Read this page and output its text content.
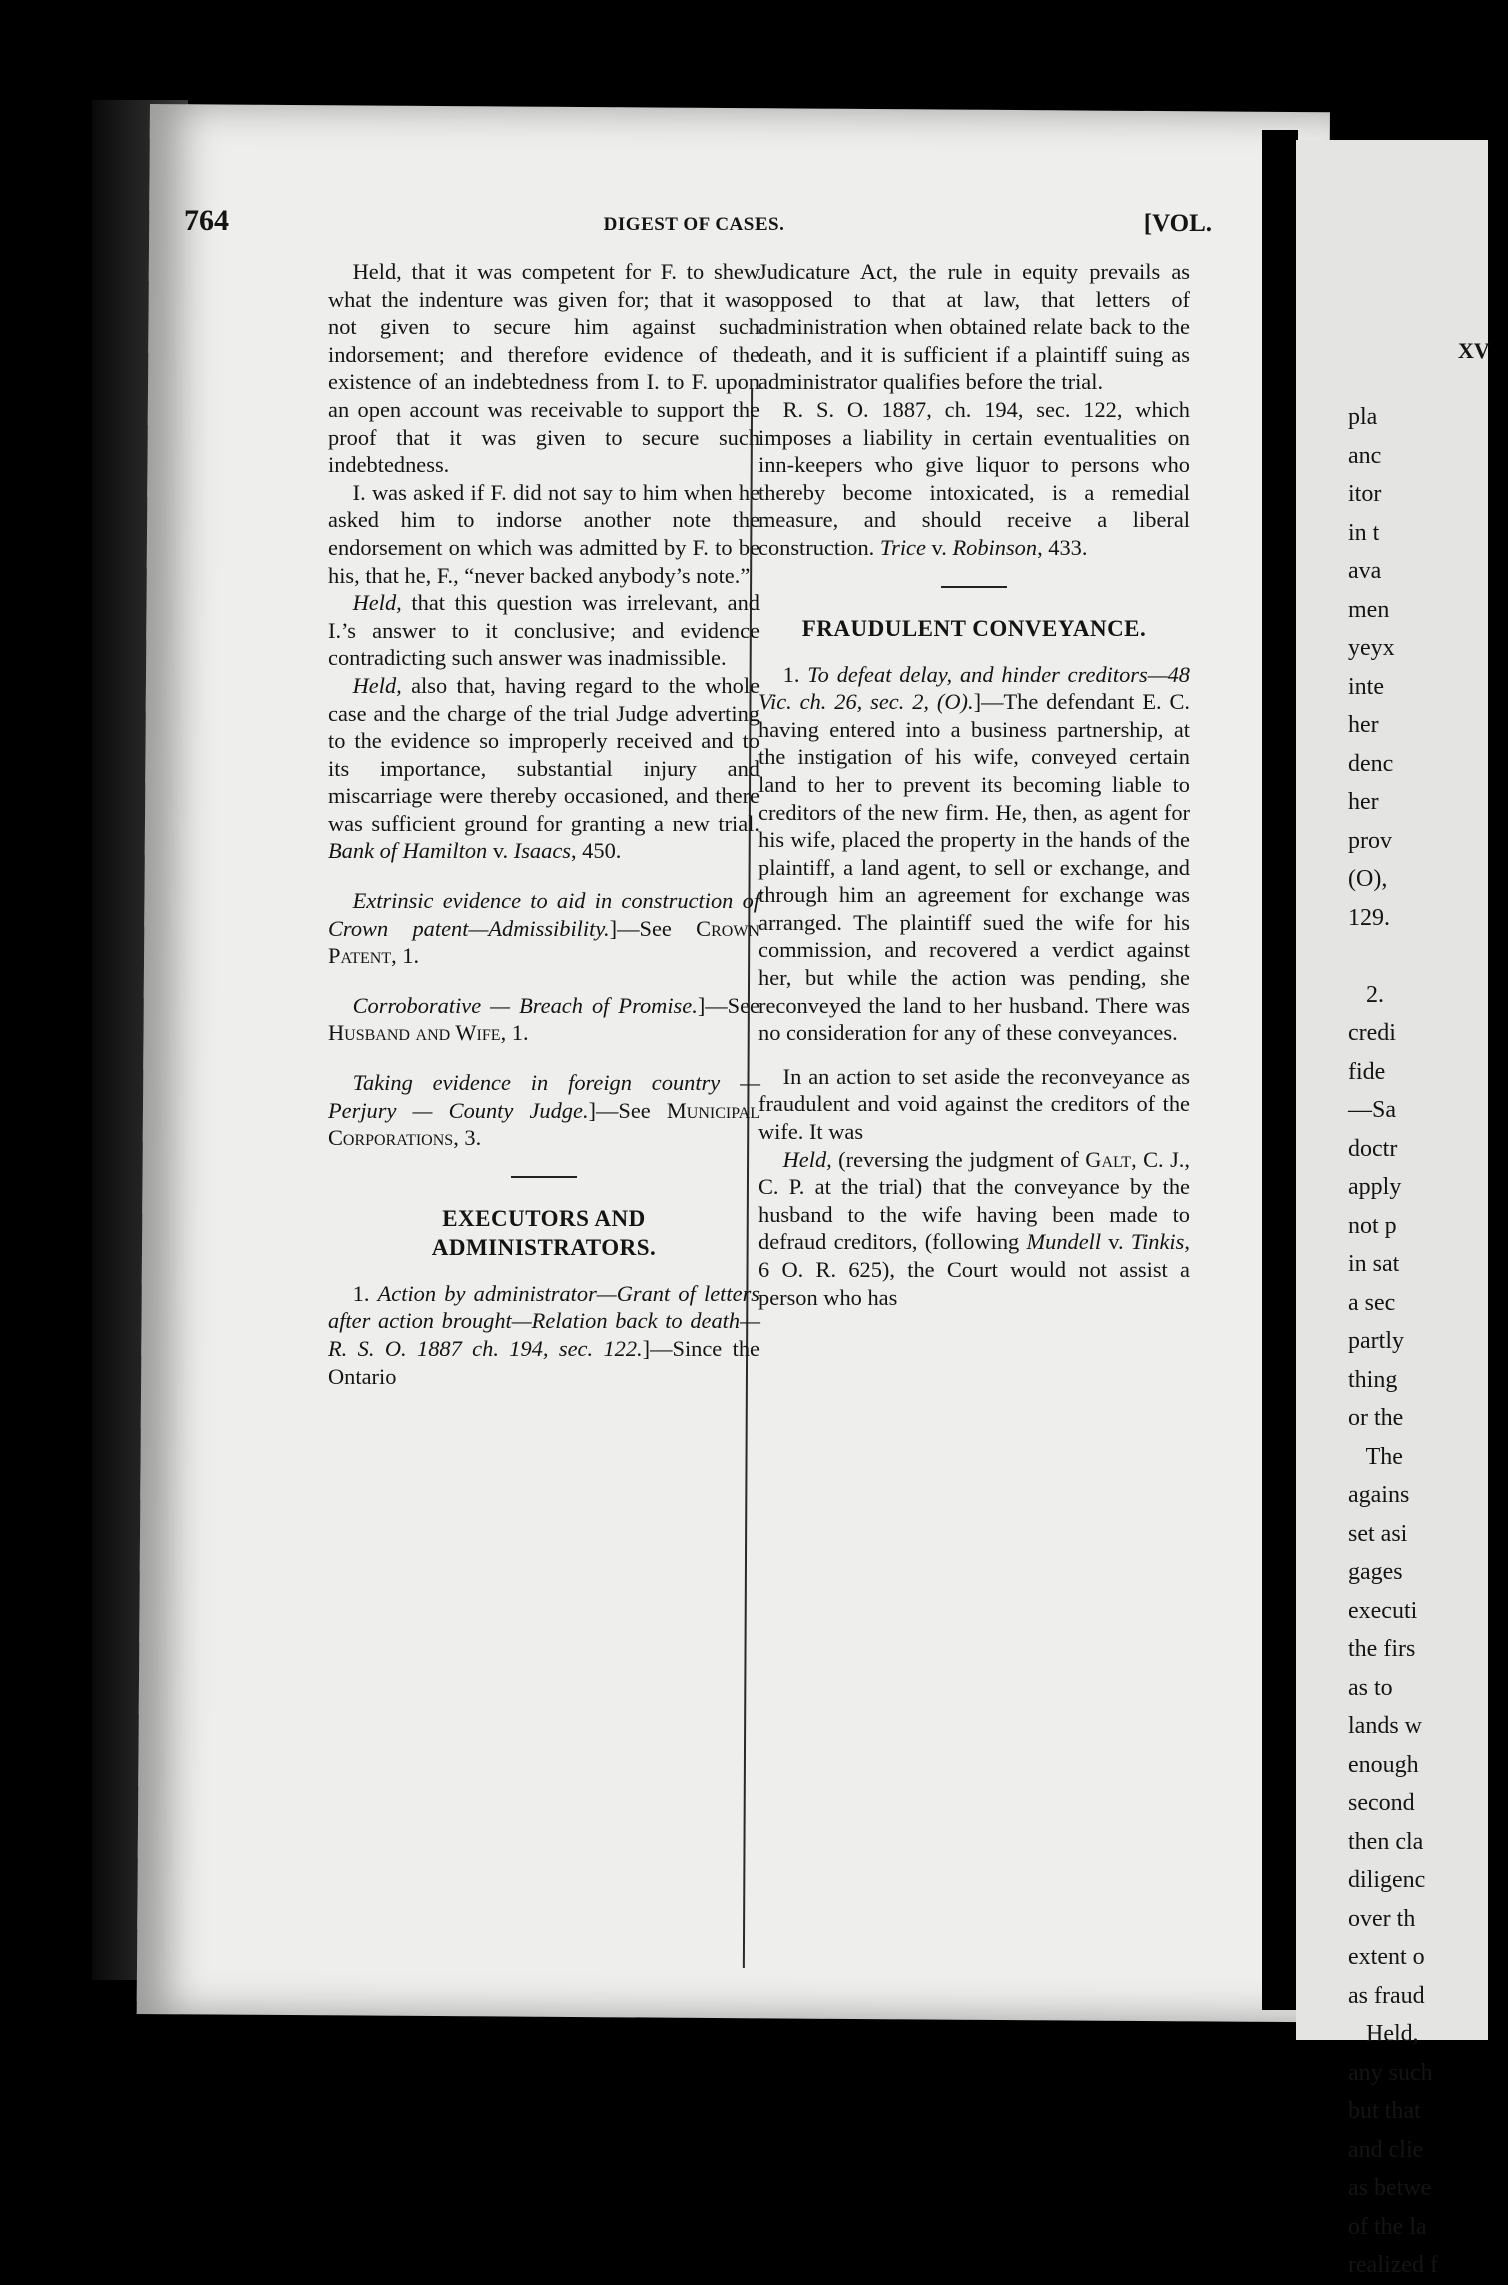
XV
pla
anc
itor
in t
ava
men
yeyx
inte
her
denc
her
prov
(O),
129.

2.
credi
fide
—Sa
doctr
apply
not p
in sat
a sec
partly
thing
or the
The
agains
set asi
gages
executi
the firs
as to
lands w
enough
second
then cla
diligenc
over th
extent o
as fraud
Held,
any such
but that
and clie
as betwe
of the la
realized f
764	DIGEST OF CASES.	[VOL.

Held, that it was competent for F. to shew what the indenture was given for; that it was not given to secure him against such indorsement; and therefore evidence of the existence of an indebtedness from I. to F. upon an open account was receivable to support the proof that it was given to secure such indebtedness.

I. was asked if F. did not say to him when he asked him to indorse another note the endorsement on which was admitted by F. to be his, that he, F., “never backed anybody’s note.”

Held, that this question was irrelevant, and I.’s answer to it conclusive; and evidence contradicting such answer was inadmissible.

Held, also that, having regard to the whole case and the charge of the trial Judge adverting to the evidence so improperly received and to its importance, substantial injury and miscarriage were thereby occasioned, and there was sufficient ground for granting a new trial. Bank of Hamilton v. Isaacs, 450.

Extrinsic evidence to aid in construction of Crown patent—Admissibility.]—See Crown Patent, 1.

Corroborative — Breach of Promise.]—See Husband and Wife, 1.

Taking evidence in foreign country — Perjury — County Judge.]—See Municipal Corporations, 3.

EXECUTORS AND ADMINISTRATORS.

1. Action by administrator—Grant of letters after action brought—Relation back to death—R. S. O. 1887 ch. 194, sec. 122.]—Since the Ontario

Judicature Act, the rule in equity prevails as opposed to that at law, that letters of administration when obtained relate back to the death, and it is sufficient if a plaintiff suing as administrator qualifies before the trial.

R. S. O. 1887, ch. 194, sec. 122, which imposes a liability in certain eventualities on inn-keepers who give liquor to persons who thereby become intoxicated, is a remedial measure, and should receive a liberal construction. Trice v. Robinson, 433.

FRAUDULENT CONVEYANCE.

1. To defeat delay, and hinder creditors—48 Vic. ch. 26, sec. 2, (O).]—The defendant E. C. having entered into a business partnership, at the instigation of his wife, conveyed certain land to her to prevent its becoming liable to creditors of the new firm. He, then, as agent for his wife, placed the property in the hands of the plaintiff, a land agent, to sell or exchange, and through him an agreement for exchange was arranged. The plaintiff sued the wife for his commission, and recovered a verdict against her, but while the action was pending, she reconveyed the land to her husband. There was no consideration for any of these conveyances.

In an action to set aside the reconveyance as fraudulent and void against the creditors of the wife. It was

Held, (reversing the judgment of Galt, C. J., C. P. at the trial) that the conveyance by the husband to the wife having been made to defraud creditors, (following Mundell v. Tinkis, 6 O. R. 625), the Court would not assist a person who has
